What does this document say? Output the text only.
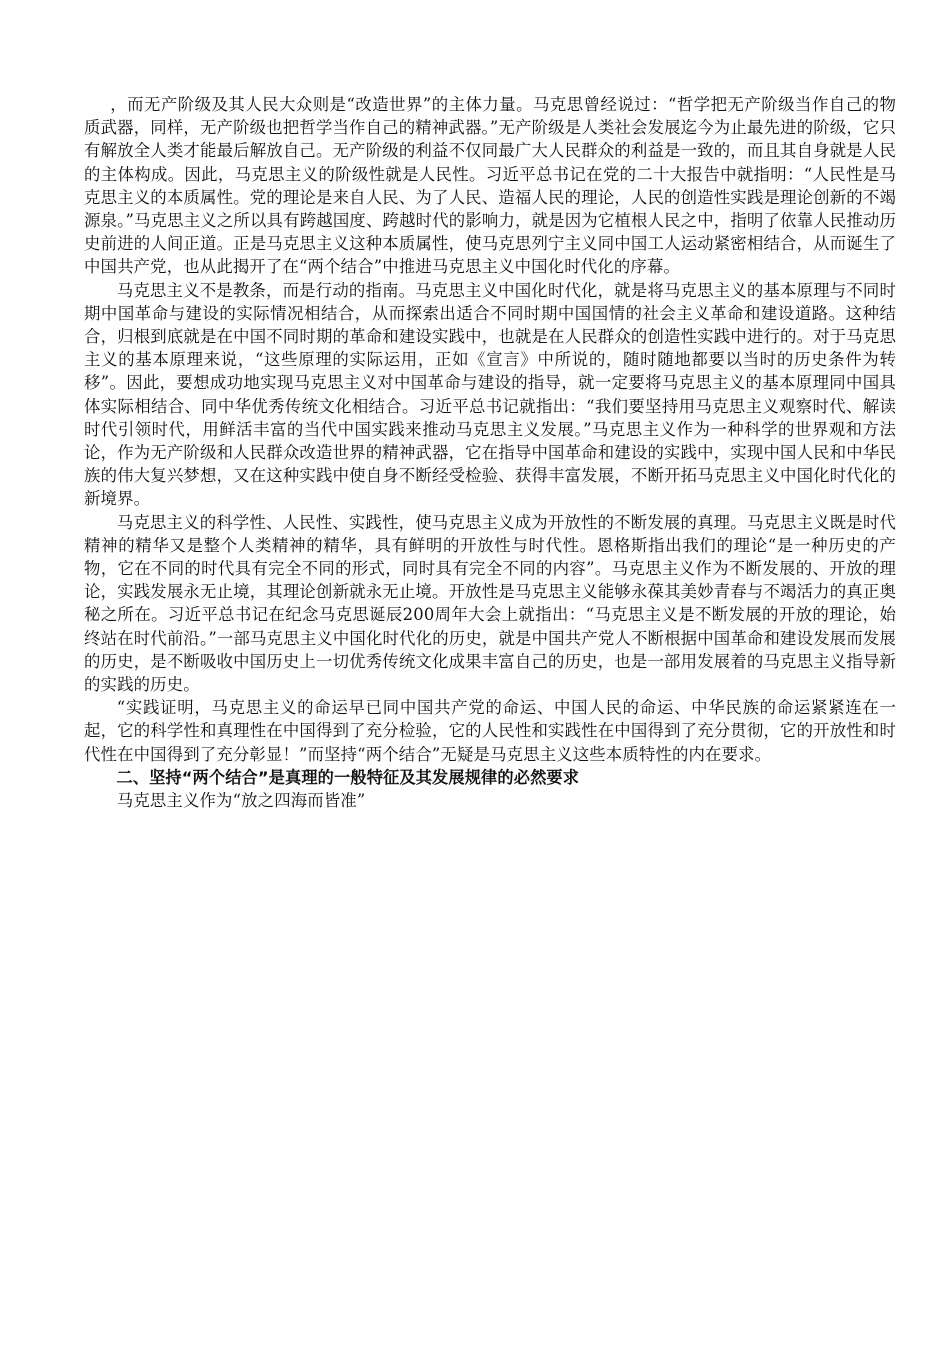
，而无产阶级及其人民大众则是“改造世界”的主体力量。马克思曾经说过：“哲学把无产阶级当作自己的物质武器，同样，无产阶级也把哲学当作自己的精神武器。”无产阶级是人类社会发展迄今为止最先进的阶级，它只有解放全人类才能最后解放自己。无产阶级的利益不仅同最广大人民群众的利益是一致的，而且其自身就是人民的主体构成。因此，马克思主义的阶级性就是人民性。习近平总书记在党的二十大报告中就指明：“人民性是马克思主义的本质属性。党的理论是来自人民、为了人民、造福人民的理论，人民的创造性实践是理论创新的不竭源泉。”马克思主义之所以具有跨越国度、跨越时代的影响力，就是因为它植根人民之中，指明了依靠人民推动历史前进的人间正道。正是马克思主义这种本质属性，使马克思列宁主义同中国工人运动紧密相结合，从而诞生了中国共产党，也从此揭开了在“两个结合”中推进马克思主义中国化时代化的序幕。

马克思主义不是教条，而是行动的指南。马克思主义中国化时代化，就是将马克思主义的基本原理与不同时期中国革命与建设的实际情况相结合，从而探索出适合不同时期中国国情的社会主义革命和建设道路。这种结合，归根到底就是在中国不同时期的革命和建设实践中，也就是在人民群众的创造性实践中进行的。对于马克思主义的基本原理来说，“这些原理的实际运用，正如《宣言》中所说的，随时随地都要以当时的历史条件为转移”。因此，要想成功地实现马克思主义对中国革命与建设的指导，就一定要将马克思主义的基本原理同中国具体实际相结合、同中华优秀传统文化相结合。习近平总书记就指出：“我们要坚持用马克思主义观察时代、解读时代引领时代，用鲜活丰富的当代中国实践来推动马克思主义发展。”马克思主义作为一种科学的世界观和方法论，作为无产阶级和人民群众改造世界的精神武器，它在指导中国革命和建设的实践中，实现中国人民和中华民族的伟大复兴梦想，又在这种实践中使自身不断经受检验、获得丰富发展，不断开拓马克思主义中国化时代化的新境界。

马克思主义的科学性、人民性、实践性，使马克思主义成为开放性的不断发展的真理。马克思主义既是时代精神的精华又是整个人类精神的精华，具有鲜明的开放性与时代性。恩格斯指出我们的理论“是一种历史的产物，它在不同的时代具有完全不同的形式，同时具有完全不同的内容”。马克思主义作为不断发展的、开放的理论，实践发展永无止境，其理论创新就永无止境。开放性是马克思主义能够永葆其美妙青春与不竭活力的真正奥秘之所在。习近平总书记在纪念马克思诞辰200周年大会上就指出：“马克思主义是不断发展的开放的理论，始终站在时代前沿。”一部马克思主义中国化时代化的历史，就是中国共产党人不断根据中国革命和建设发展而发展的历史，是不断吸收中国历史上一切优秀传统文化成果丰富自己的历史，也是一部用发展着的马克思主义指导新的实践的历史。

“实践证明，马克思主义的命运早已同中国共产党的命运、中国人民的命运、中华民族的命运紧紧连在一起，它的科学性和真理性在中国得到了充分检验，它的人民性和实践性在中国得到了充分贯彻，它的开放性和时代性在中国得到了充分彰显！”而坚持“两个结合”无疑是马克思主义这些本质特性的内在要求。

二、坚持“两个结合”是真理的一般特征及其发展规律的必然要求

马克思主义作为“放之四海而皆准”
